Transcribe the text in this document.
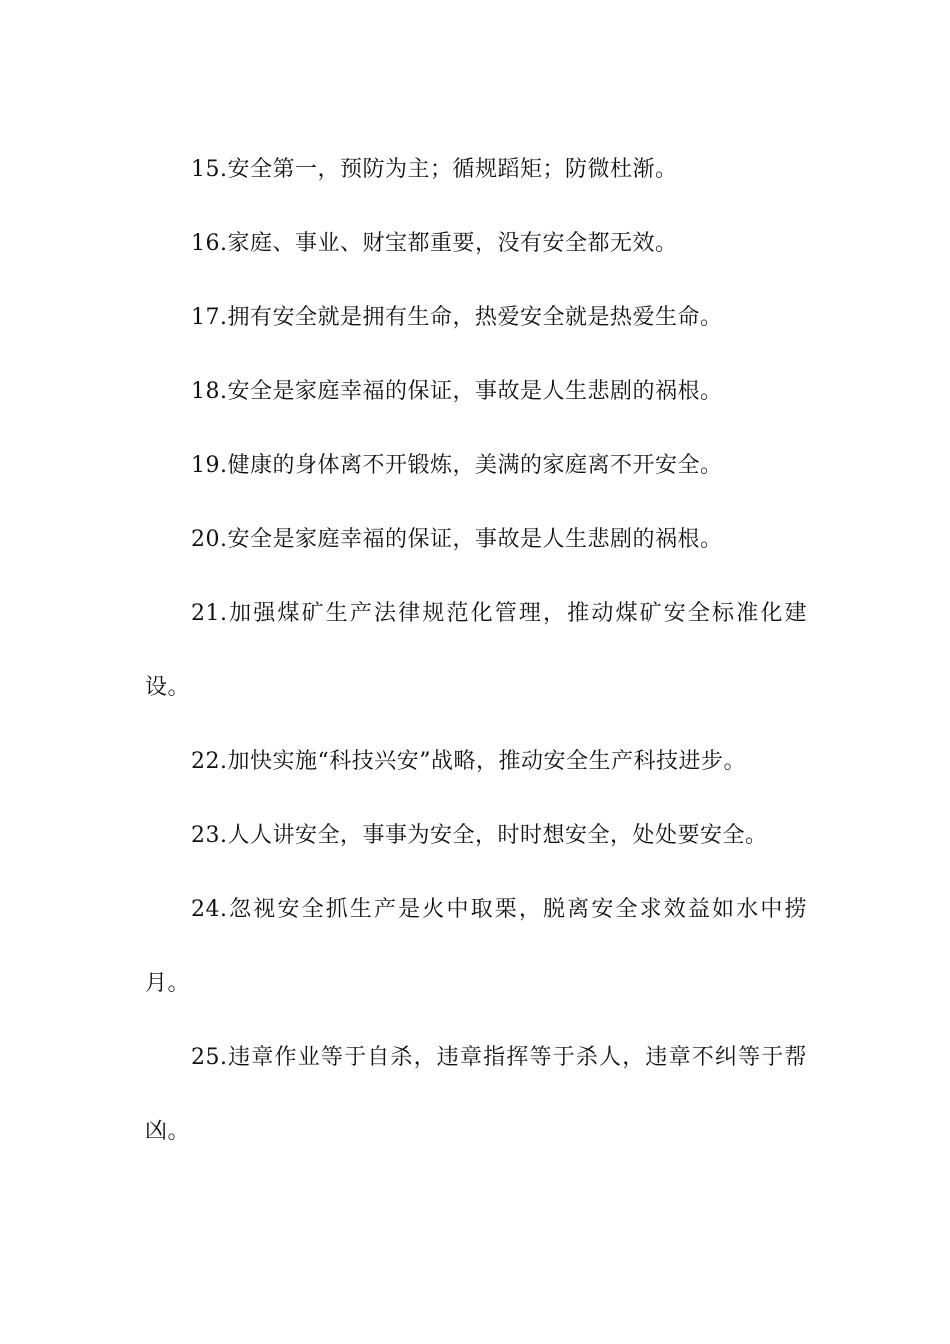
15.安全第一，预防为主；循规蹈矩；防微杜渐。

16.家庭、事业、财宝都重要，没有安全都无效。

17.拥有安全就是拥有生命，热爱安全就是热爱生命。

18.安全是家庭幸福的保证，事故是人生悲剧的祸根。

19.健康的身体离不开锻炼，美满的家庭离不开安全。

20.安全是家庭幸福的保证，事故是人生悲剧的祸根。

21.加强煤矿生产法律规范化管理，推动煤矿安全标准化建设。

22.加快实施“科技兴安”战略，推动安全生产科技进步。

23.人人讲安全，事事为安全，时时想安全，处处要安全。

24.忽视安全抓生产是火中取栗，脱离安全求效益如水中捞月。

25.违章作业等于自杀，违章指挥等于杀人，违章不纠等于帮凶。
